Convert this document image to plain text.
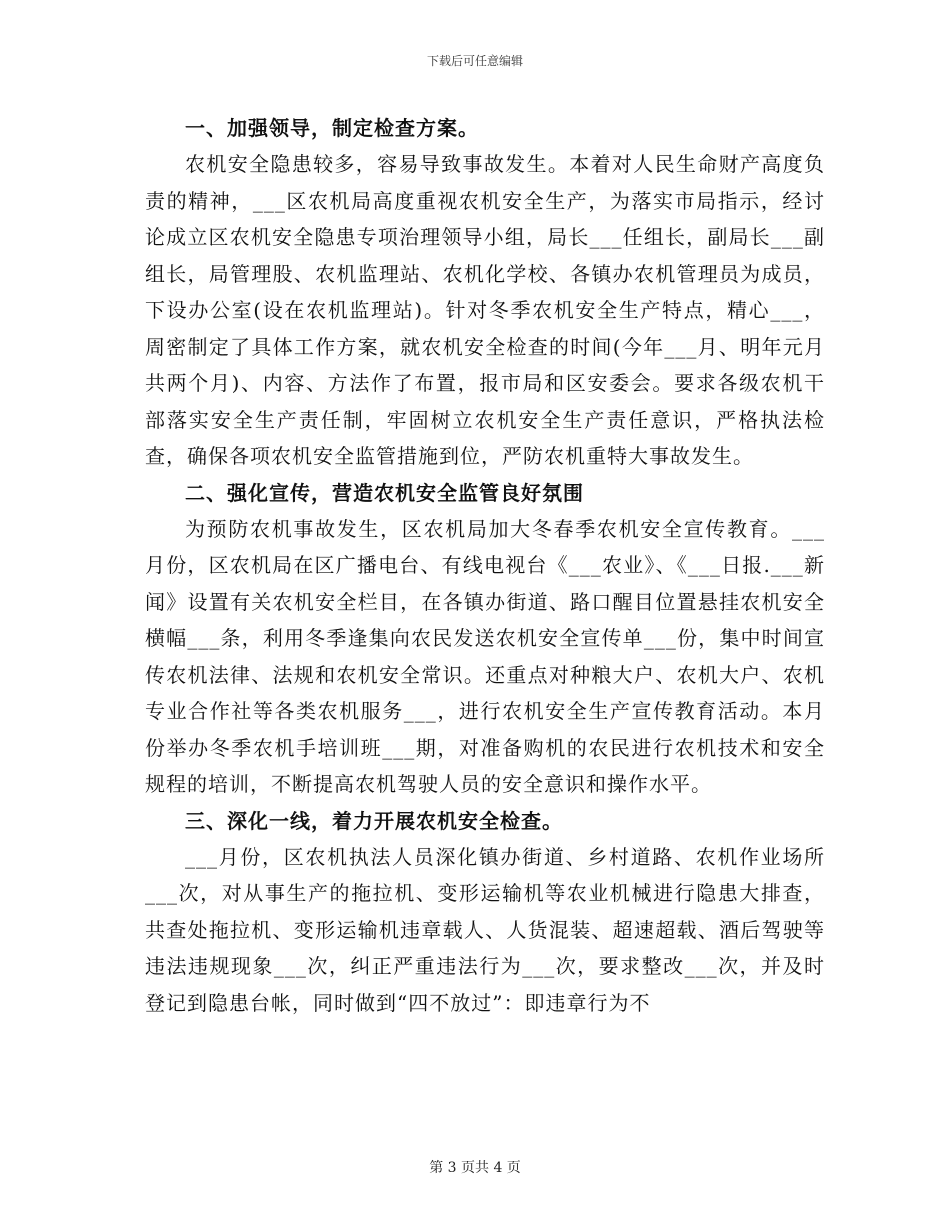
下载后可任意编辑

一、加强领导，制定检查方案。

农机安全隐患较多，容易导致事故发生。本着对人民生命财产高度负责的精神，___区农机局高度重视农机安全生产，为落实市局指示，经讨论成立区农机安全隐患专项治理领导小组，局长___任组长，副局长___副组长，局管理股、农机监理站、农机化学校、各镇办农机管理员为成员，下设办公室(设在农机监理站)。针对冬季农机安全生产特点，精心___，周密制定了具体工作方案，就农机安全检查的时间(今年___月、明年元月共两个月)、内容、方法作了布置，报市局和区安委会。要求各级农机干部落实安全生产责任制，牢固树立农机安全生产责任意识，严格执法检查，确保各项农机安全监管措施到位，严防农机重特大事故发生。

二、强化宣传，营造农机安全监管良好氛围

为预防农机事故发生，区农机局加大冬春季农机安全宣传教育。___月份，区农机局在区广播电台、有线电视台《___农业》、《___日报.___新闻》设置有关农机安全栏目，在各镇办街道、路口醒目位置悬挂农机安全横幅___条，利用冬季逢集向农民发送农机安全宣传单___份，集中时间宣传农机法律、法规和农机安全常识。还重点对种粮大户、农机大户、农机专业合作社等各类农机服务___，进行农机安全生产宣传教育活动。本月份举办冬季农机手培训班___期，对准备购机的农民进行农机技术和安全规程的培训，不断提高农机驾驶人员的安全意识和操作水平。

三、深化一线，着力开展农机安全检查。

___月份，区农机执法人员深化镇办街道、乡村道路、农机作业场所___次，对从事生产的拖拉机、变形运输机等农业机械进行隐患大排查，共查处拖拉机、变形运输机违章载人、人货混装、超速超载、酒后驾驶等违法违规现象___次，纠正严重违法行为___次，要求整改___次，并及时登记到隐患台帐，同时做到“四不放过”：即违章行为不

第 3 页共 4 页
